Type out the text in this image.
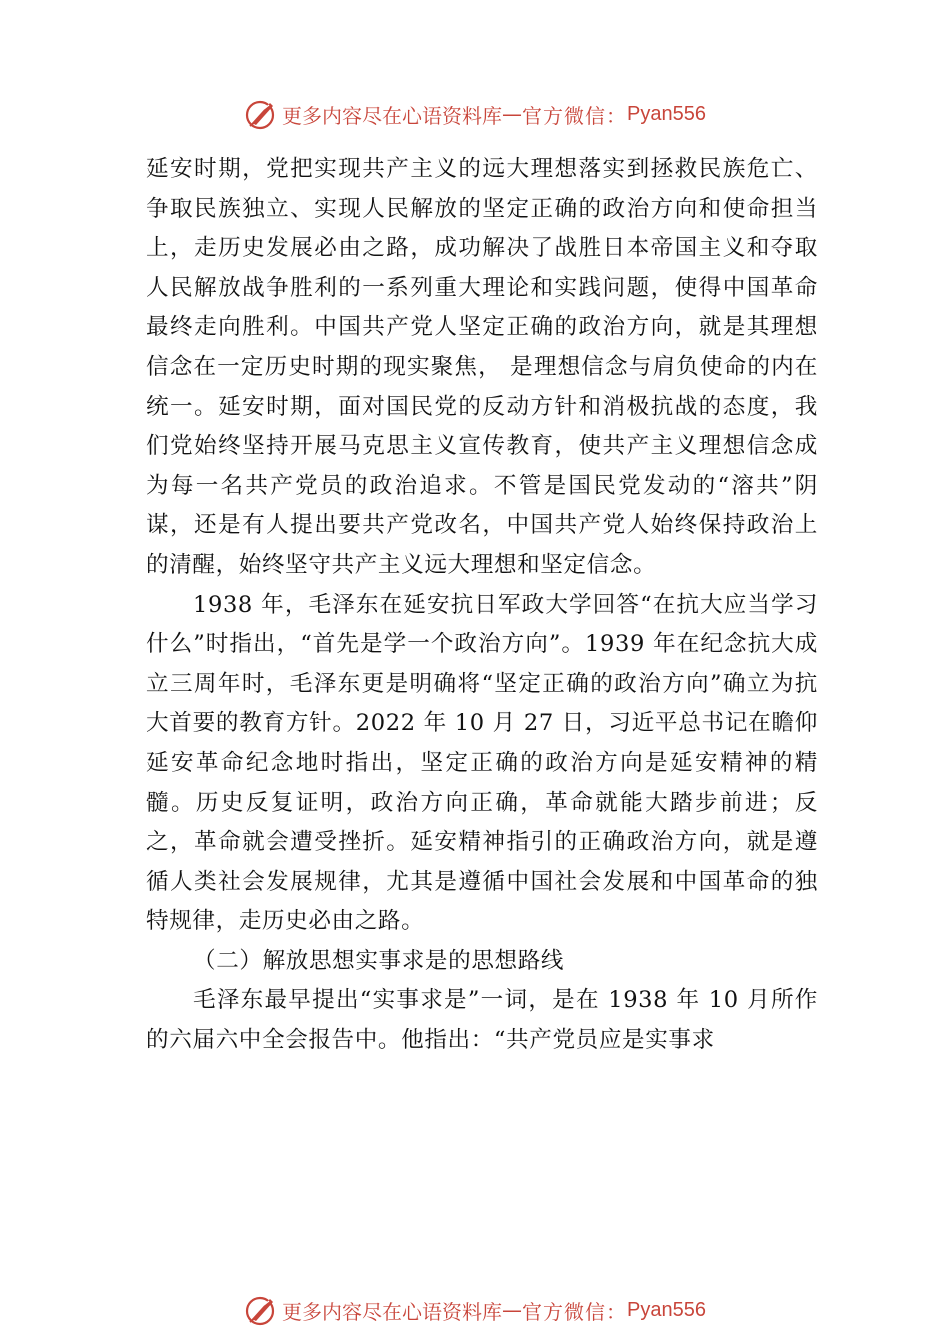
更多内容尽在心语资料库 — 官方微信： Pyan556

延安时期，党把实现共产主义的远大理想落实到拯救民族危亡、争取民族独立、实现人民解放的坚定正确的政治方向和使命担当上，走历史发展必由之路，成功解决了战胜日本帝国主义和夺取人民解放战争胜利的一系列重大理论和实践问题，使得中国革命最终走向胜利。中国共产党人坚定正确的政治方向，就是其理想信念在一定历史时期的现实聚焦， 是理想信念与肩负使命的内在统一。延安时期，面对国民党的反动方针和消极抗战的态度，我们党始终坚持开展马克思主义宣传教育，使共产主义理想信念成为每一名共产党员的政治追求。不管是国民党发动的“溶共”阴谋，还是有人提出要共产党改名，中国共产党人始终保持政治上的清醒，始终坚守共产主义远大理想和坚定信念。

1938 年，毛泽东在延安抗日军政大学回答“在抗大应当学习什么”时指出，“首先是学一个政治方向”。1939 年在纪念抗大成立三周年时，毛泽东更是明确将“坚定正确的政治方向”确立为抗大首要的教育方针。2022 年 10 月 27 日，习近平总书记在瞻仰延安革命纪念地时指出，坚定正确的政治方向是延安精神的精髓。历史反复证明，政治方向正确，革命就能大踏步前进；反之，革命就会遭受挫折。延安精神指引的正确政治方向，就是遵循人类社会发展规律，尤其是遵循中国社会发展和中国革命的独特规律，走历史必由之路。

（二）解放思想实事求是的思想路线

毛泽东最早提出“实事求是”一词，是在 1938 年 10 月所作的六届六中全会报告中。他指出：“共产党员应是实事求

更多内容尽在心语资料库 — 官方微信： Pyan556
